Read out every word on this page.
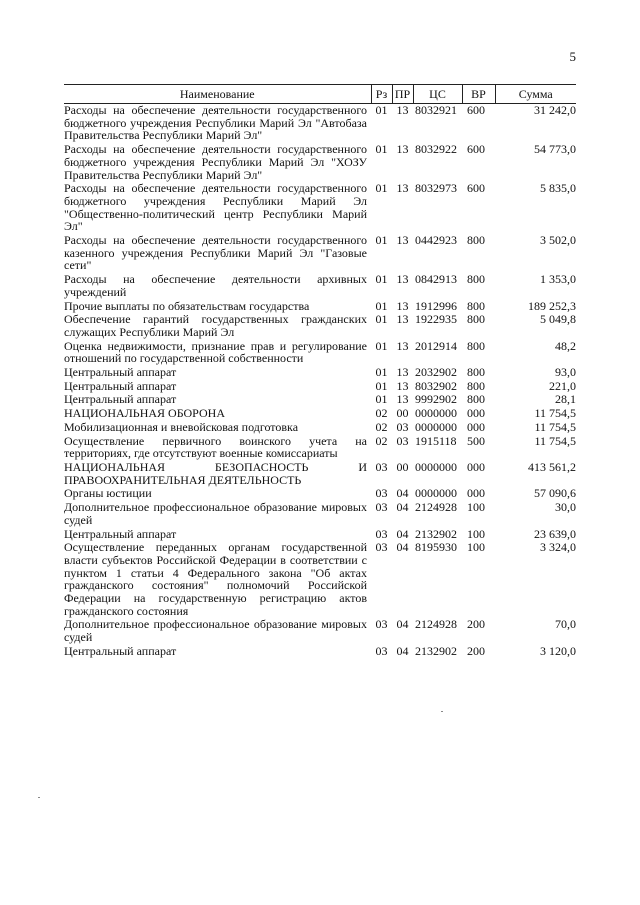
5
Наименование	Рз	ПР	ЦС	ВР	Сумма
Расходы на обеспечение деятельности государственного бюджетного учреждения Республики Марий Эл "Автобаза Правительства Республики Марий Эл"	01	13	8032921	600	31 242,0
Расходы на обеспечение деятельности государственного бюджетного учреждения Республики Марий Эл "ХОЗУ Правительства Республики Марий Эл"	01	13	8032922	600	54 773,0
Расходы на обеспечение деятельности государственного бюджетного учреждения Республики Марий Эл "Общественно-политический центр Республики Марий Эл"	01	13	8032973	600	5 835,0
Расходы на обеспечение деятельности государственного казенного учреждения Республики Марий Эл "Газовые сети"	01	13	0442923	800	3 502,0
Расходы на обеспечение деятельности архивных учреждений	01	13	0842913	800	1 353,0
Прочие выплаты по обязательствам государства	01	13	1912996	800	189 252,3
Обеспечение гарантий государственных гражданских служащих Республики Марий Эл	01	13	1922935	800	5 049,8
Оценка недвижимости, признание прав и регулирование отношений по государственной собственности	01	13	2012914	800	48,2
Центральный аппарат	01	13	2032902	800	93,0
Центральный аппарат	01	13	8032902	800	221,0
Центральный аппарат	01	13	9992902	800	28,1
НАЦИОНАЛЬНАЯ ОБОРОНА	02	00	0000000	000	11 754,5
Мобилизационная и вневойсковая подготовка	02	03	0000000	000	11 754,5
Осуществление первичного воинского учета на территориях, где отсутствуют военные комиссариаты	02	03	1915118	500	11 754,5
НАЦИОНАЛЬНАЯ БЕЗОПАСНОСТЬ И ПРАВООХРАНИТЕЛЬНАЯ ДЕЯТЕЛЬНОСТЬ	03	00	0000000	000	413 561,2
Органы юстиции	03	04	0000000	000	57 090,6
Дополнительное профессиональное образование мировых судей	03	04	2124928	100	30,0
Центральный аппарат	03	04	2132902	100	23 639,0
Осуществление переданных органам государственной власти субъектов Российской Федерации в соответствии с пунктом 1 статьи 4 Федерального закона "Об актах гражданского состояния" полномочий Российской Федерации на государственную регистрацию актов гражданского состояния	03	04	8195930	100	3 324,0
Дополнительное профессиональное образование мировых судей	03	04	2124928	200	70,0
Центральный аппарат	03	04	2132902	200	3 120,0
